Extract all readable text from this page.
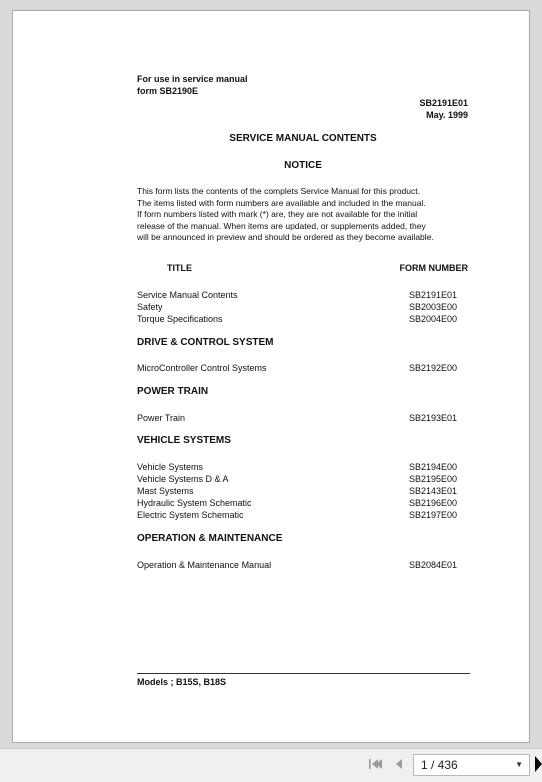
For use in service manual
form SB2190E
SB2191E01
May. 1999
SERVICE MANUAL CONTENTS
NOTICE
This form lists the contents of the complets Service Manual for this product.
The items listed with form numbers are available and included in the manual.
If form numbers listed with mark (*) are, they are not available for the initial
release of the manual. When items are updated, or supplements added, they
will be announced in preview and should be ordered as they become available.
TITLE	FORM NUMBER
Service Manual Contents	SB2191E01
Safety	SB2003E00
Torque Specifications	SB2004E00
DRIVE & CONTROL SYSTEM
MicroController Control Systems	SB2192E00
POWER TRAIN
Power Train	SB2193E01
VEHICLE SYSTEMS
Vehicle Systems	SB2194E00
Vehicle Systems D & A	SB2195E00
Mast Systems	SB2143E01
Hydraulic System Schematic	SB2196E00
Electric System Schematic	SB2197E00
OPERATION & MAINTENANCE
Operation & Maintenance Manual	SB2084E01
Models ; B15S, B18S
1 / 436	▼
